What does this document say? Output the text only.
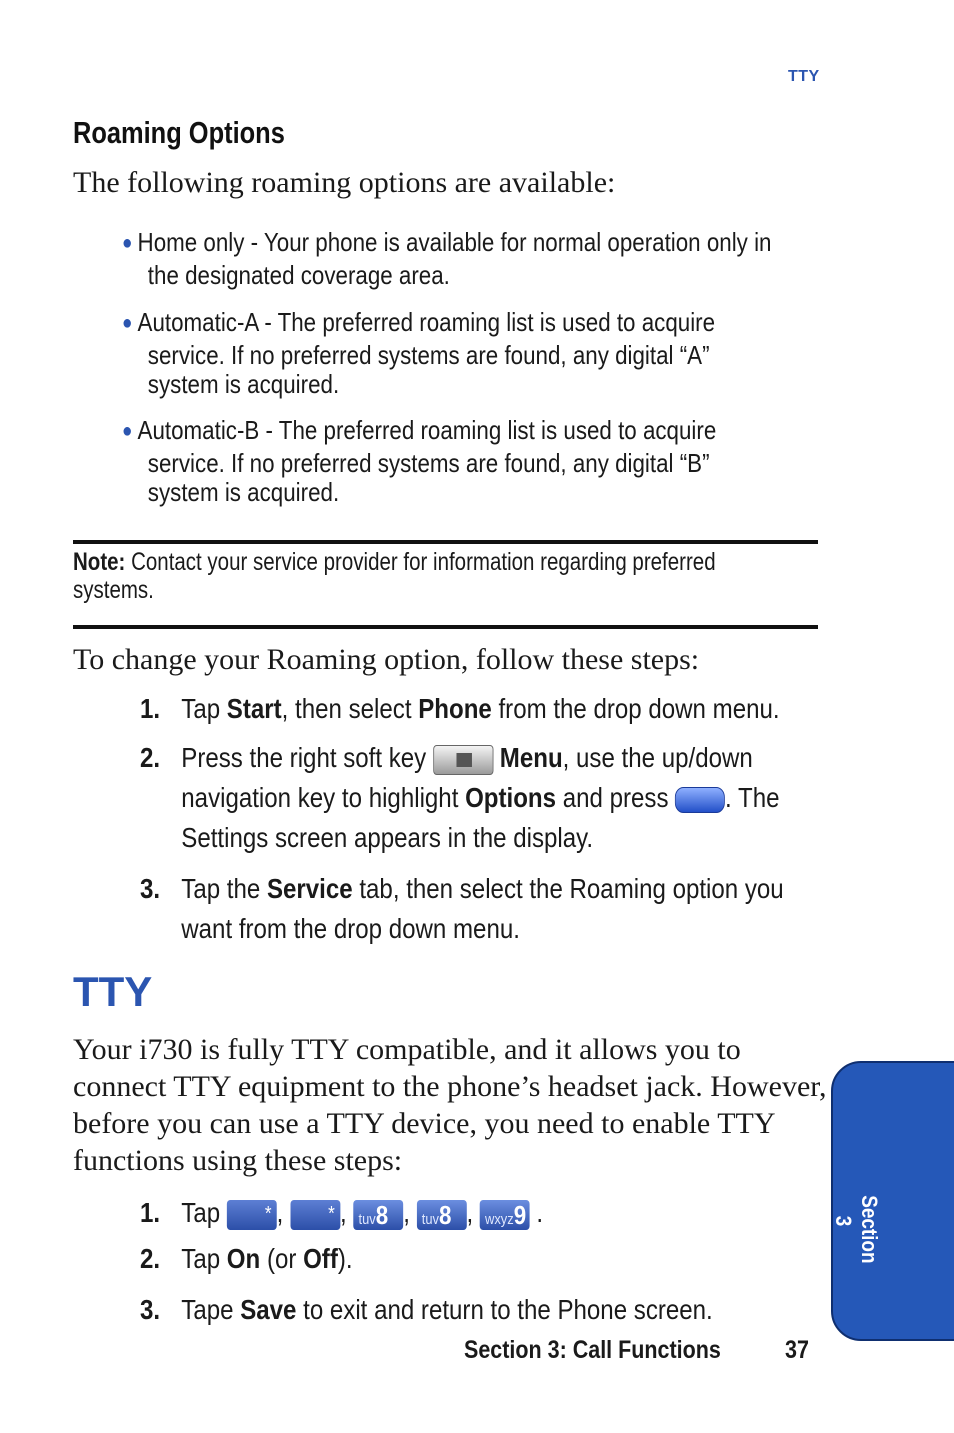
TTY
Roaming Options
The following roaming options are available:
● Home only - Your phone is available for normal operation only in
the designated coverage area.
● Automatic-A - The preferred roaming list is used to acquire
service. If no preferred systems are found, any digital “A”
system is acquired.
● Automatic-B - The preferred roaming list is used to acquire
service. If no preferred systems are found, any digital “B”
system is acquired.
Note: Contact your service provider for information regarding preferred
systems.
To change your Roaming option, follow these steps:
1. Tap Start, then select Phone from the drop down menu.
2. Press the right soft key  Menu, use the up/down
navigation key to highlight Options and press . The
Settings screen appears in the display.
3. Tap the Service tab, then select the Roaming option you
want from the drop down menu.
TTY
Your i730 is fully TTY compatible, and it allows you to connect TTY equipment to the phone’s headset jack. However, before you can use a TTY device, you need to enable TTY functions using these steps:
1. Tap * , * , tuv8 , tuv8 , wxyz9 .
2. Tap On (or Off).
3. Tape Save to exit and return to the Phone screen.
Section 3
Section 3: Call Functions	37
